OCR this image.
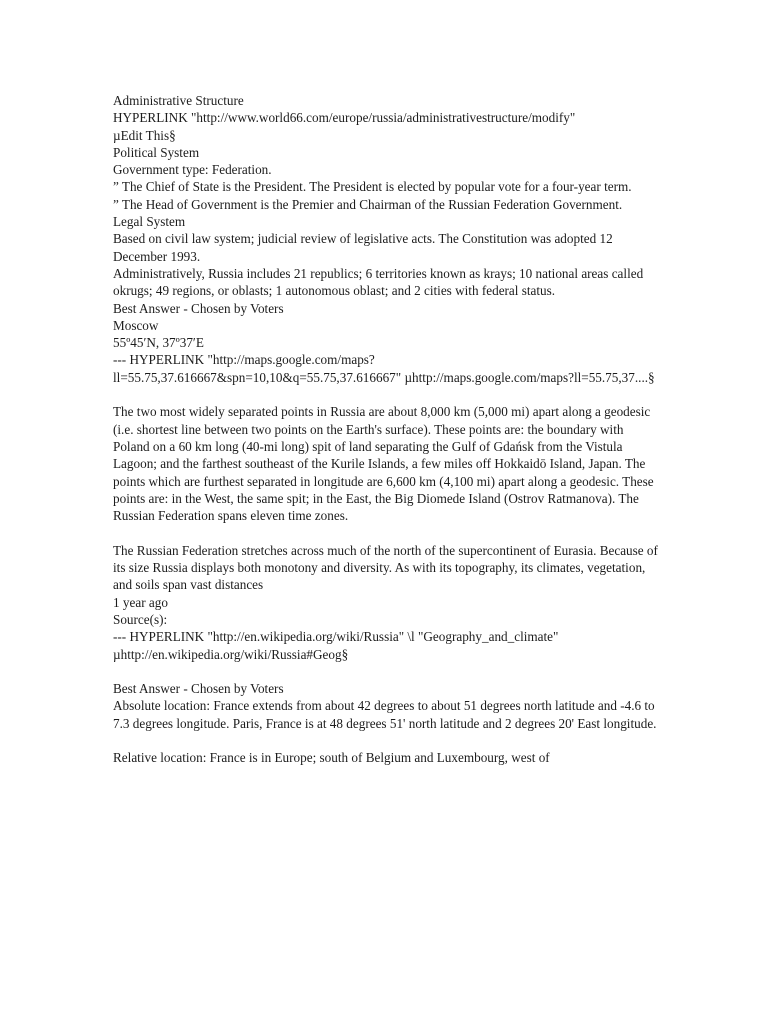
Administrative Structure
HYPERLINK "http://www.world66.com/europe/russia/administrativestructure/modify"
µEdit This§
Political System
Government type: Federation.

” The Chief of State is the President. The President is elected by popular vote for a four-year term.

” The Head of Government is the Premier and Chairman of the Russian Federation Government.

Legal System

Based on civil law system; judicial review of legislative acts. The Constitution was adopted 12 December 1993.

Administratively, Russia includes 21 republics; 6 territories known as krays; 10 national areas called okrugs; 49 regions, or oblasts; 1 autonomous oblast; and 2 cities with federal status.

Best Answer - Chosen by Voters
Moscow
55º45′N, 37º37′E

--- HYPERLINK "http://maps.google.com/maps?ll=55.75,37.616667&spn=10,10&q=55.75,37.616667" µhttp://maps.google.com/maps?ll=55.75,37....§

The two most widely separated points in Russia are about 8,000 km (5,000 mi) apart along a geodesic (i.e. shortest line between two points on the Earth's surface). These points are: the boundary with Poland on a 60 km long (40-mi long) spit of land separating the Gulf of Gdańsk from the Vistula Lagoon; and the farthest southeast of the Kurile Islands, a few miles off Hokkaidō Island, Japan. The points which are furthest separated in longitude are 6,600 km (4,100 mi) apart along a geodesic. These points are: in the West, the same spit; in the East, the Big Diomede Island (Ostrov Ratmanova). The Russian Federation spans eleven time zones.

The Russian Federation stretches across much of the north of the supercontinent of Eurasia. Because of its size Russia displays both monotony and diversity. As with its topography, its climates, vegetation, and soils span vast distances

1 year ago
Source(s):

--- HYPERLINK "http://en.wikipedia.org/wiki/Russia" \l "Geography_and_climate" µhttp://en.wikipedia.org/wiki/Russia#Geog§

Best Answer - Chosen by Voters

Absolute location: France extends from about 42 degrees to about 51 degrees north latitude and -4.6 to 7.3 degrees longitude. Paris, France is at 48 degrees 51' north latitude and 2 degrees 20' East longitude.

Relative location: France is in Europe; south of Belgium and Luxembourg, west of
